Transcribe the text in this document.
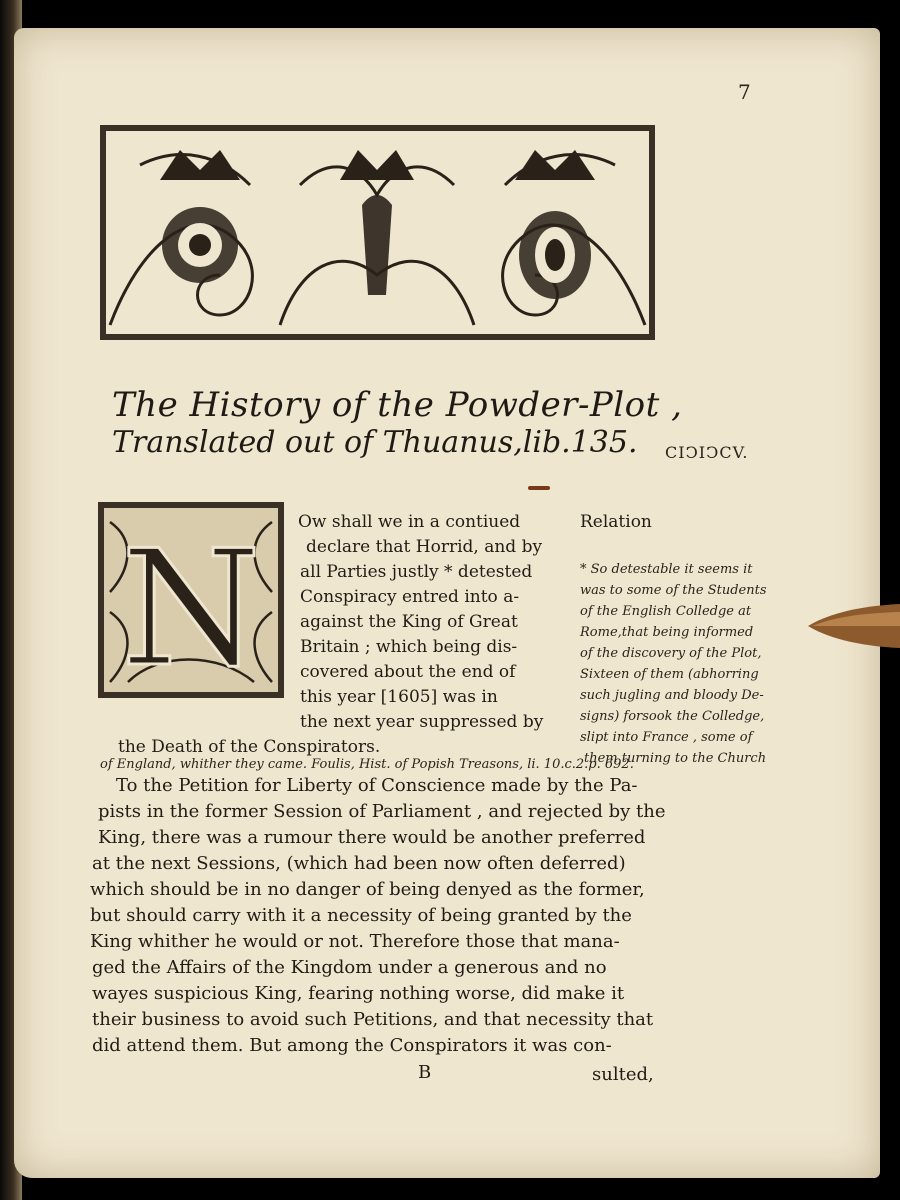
7
The History of the Powder-Plot ,
Translated out of Thuanus,lib.135. CIↃIↃCV.
N Ow shall we in a contiued
declare that Horrid, and by
all Parties justly * detested
Conspiracy entred into a-
against the King of Great
Britain ; which being dis-
covered about the end of
this year [1605] was in
the next year suppressed by
the Death of the Conspirators.
Relation
* So detestable it seems it
was to some of the Students
of the English Colledge at
Rome,that being informed
of the discovery of the Plot,
Sixteen of them (abhorring
such jugling and bloody De-
signs) forsook the Colledge,
slipt into France , some of
them turning to the Church
of England, whither they came. Foulis, Hist. of Popish Treasons, li. 10.c.2.p. 692.
To the Petition for Liberty of Conscience made by the Pa-
pists in the former Session of Parliament , and rejected by the
King, there was a rumour there would be another preferred
at the next Sessions, (which had been now often deferred)
which should be in no danger of being denyed as the former,
but should carry with it a necessity of being granted by the
King whither he would or not. Therefore those that mana-
ged the Affairs of the Kingdom under a generous and no
wayes suspicious King, fearing nothing worse, did make it
their business to avoid such Petitions, and that necessity that
did attend them. But among the Conspirators it was con-
B	sulted,
